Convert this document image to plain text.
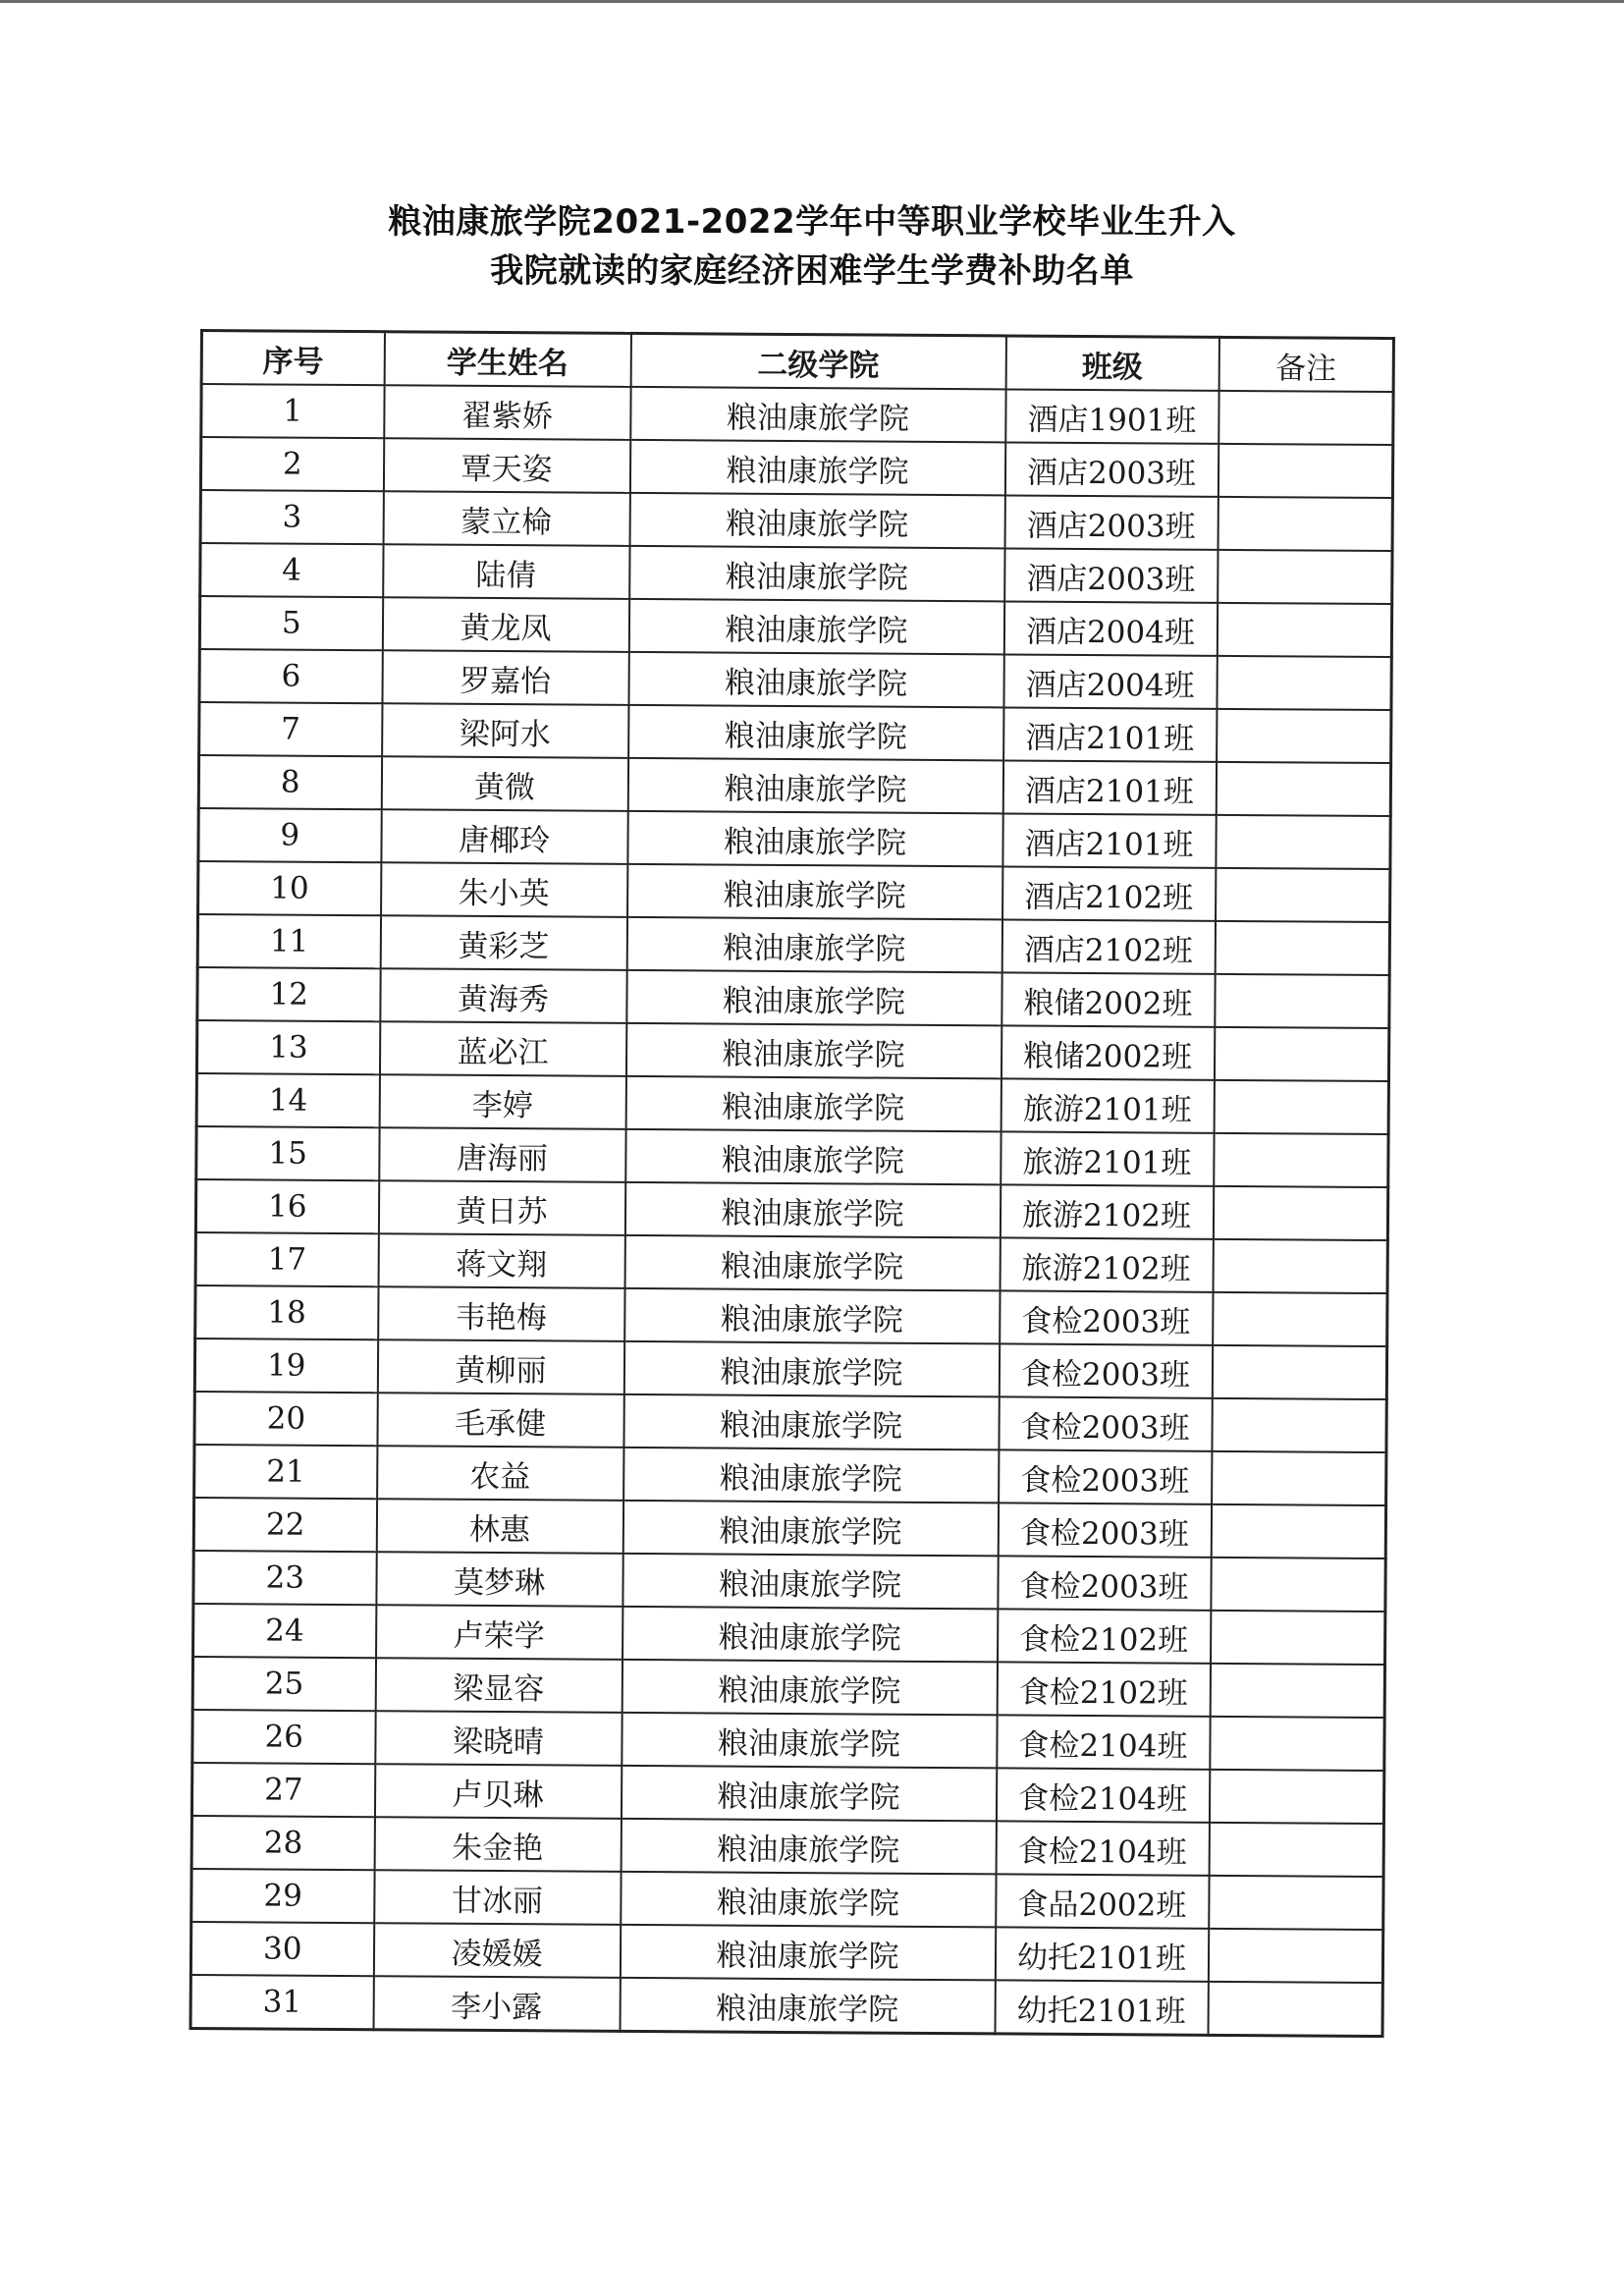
粮油康旅学院2021-2022学年中等职业学校毕业生升入
我院就读的家庭经济困难学生学费补助名单
序号	学生姓名	二级学院	班级	备注
1	翟紫娇	粮油康旅学院	酒店1901班	
2	覃天姿	粮油康旅学院	酒店2003班	
3	蒙立椧	粮油康旅学院	酒店2003班	
4	陆倩	粮油康旅学院	酒店2003班	
5	黄龙凤	粮油康旅学院	酒店2004班	
6	罗嘉怡	粮油康旅学院	酒店2004班	
7	梁阿水	粮油康旅学院	酒店2101班	
8	黄微	粮油康旅学院	酒店2101班	
9	唐椰玲	粮油康旅学院	酒店2101班	
10	朱小英	粮油康旅学院	酒店2102班	
11	黄彩芝	粮油康旅学院	酒店2102班	
12	黄海秀	粮油康旅学院	粮储2002班	
13	蓝必江	粮油康旅学院	粮储2002班	
14	李婷	粮油康旅学院	旅游2101班	
15	唐海丽	粮油康旅学院	旅游2101班	
16	黄日苏	粮油康旅学院	旅游2102班	
17	蒋文翔	粮油康旅学院	旅游2102班	
18	韦艳梅	粮油康旅学院	食检2003班	
19	黄柳丽	粮油康旅学院	食检2003班	
20	毛承健	粮油康旅学院	食检2003班	
21	农益	粮油康旅学院	食检2003班	
22	林惠	粮油康旅学院	食检2003班	
23	莫梦琳	粮油康旅学院	食检2003班	
24	卢荣学	粮油康旅学院	食检2102班	
25	梁显容	粮油康旅学院	食检2102班	
26	梁晓晴	粮油康旅学院	食检2104班	
27	卢贝琳	粮油康旅学院	食检2104班	
28	朱金艳	粮油康旅学院	食检2104班	
29	甘冰丽	粮油康旅学院	食品2002班	
30	凌媛媛	粮油康旅学院	幼托2101班	
31	李小露	粮油康旅学院	幼托2101班	
